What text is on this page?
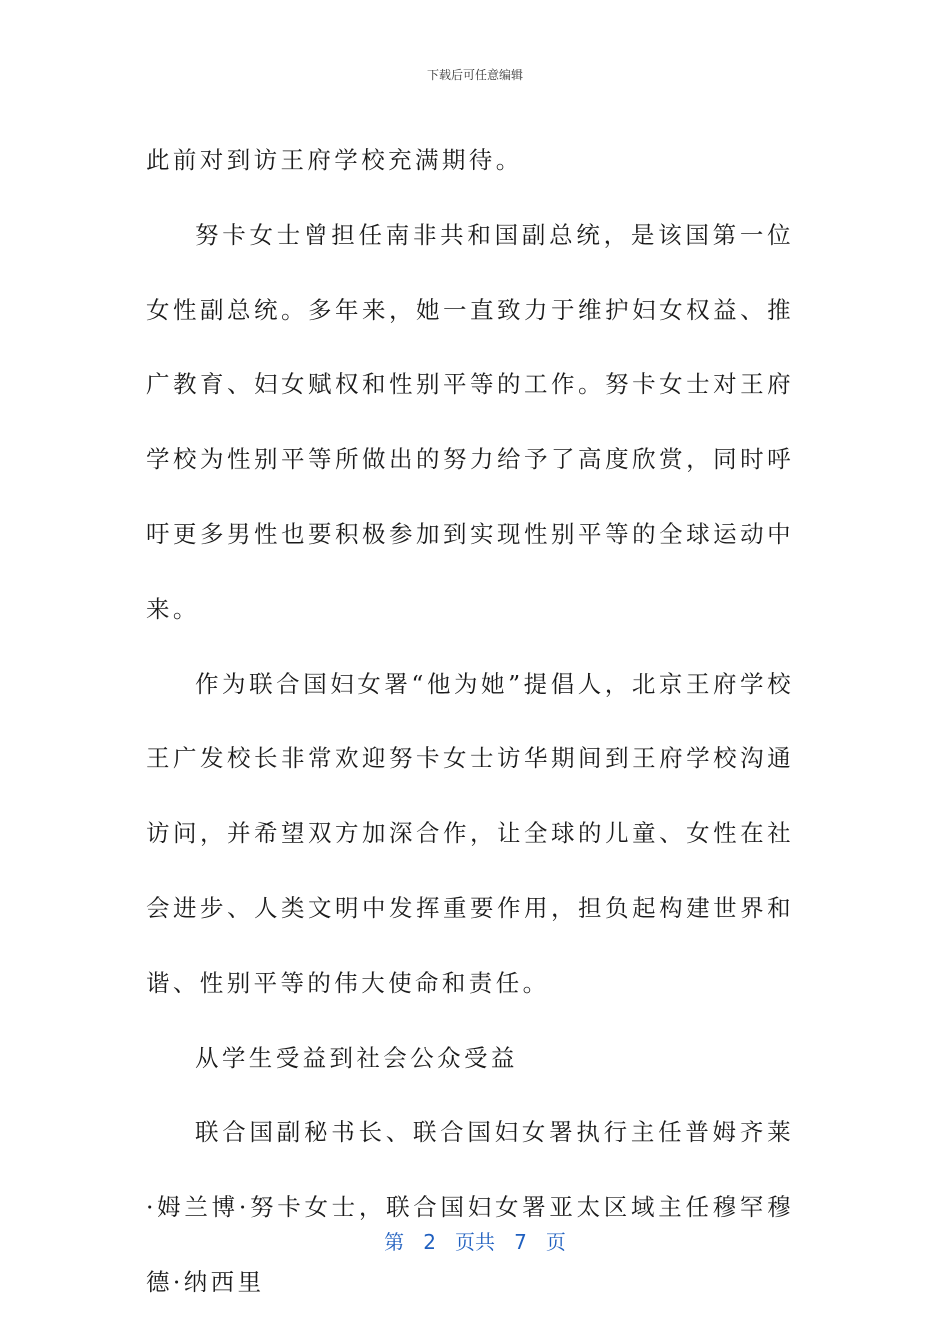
下载后可任意编辑

此前对到访王府学校充满期待。

努卡女士曾担任南非共和国副总统，是该国第一位女性副总统。多年来，她一直致力于维护妇女权益、推广教育、妇女赋权和性别平等的工作。努卡女士对王府学校为性别平等所做出的努力给予了高度欣赏，同时呼吁更多男性也要积极参加到实现性别平等的全球运动中来。

作为联合国妇女署“他为她”提倡人，北京王府学校王广发校长非常欢迎努卡女士访华期间到王府学校沟通访问，并希望双方加深合作，让全球的儿童、女性在社会进步、人类文明中发挥重要作用，担负起构建世界和谐、性别平等的伟大使命和责任。

从学生受益到社会公众受益

联合国副秘书长、联合国妇女署执行主任普姆齐莱·姆兰博·努卡女士，联合国妇女署亚太区域主任穆罕穆德·纳西里

第 2 页共 7 页
